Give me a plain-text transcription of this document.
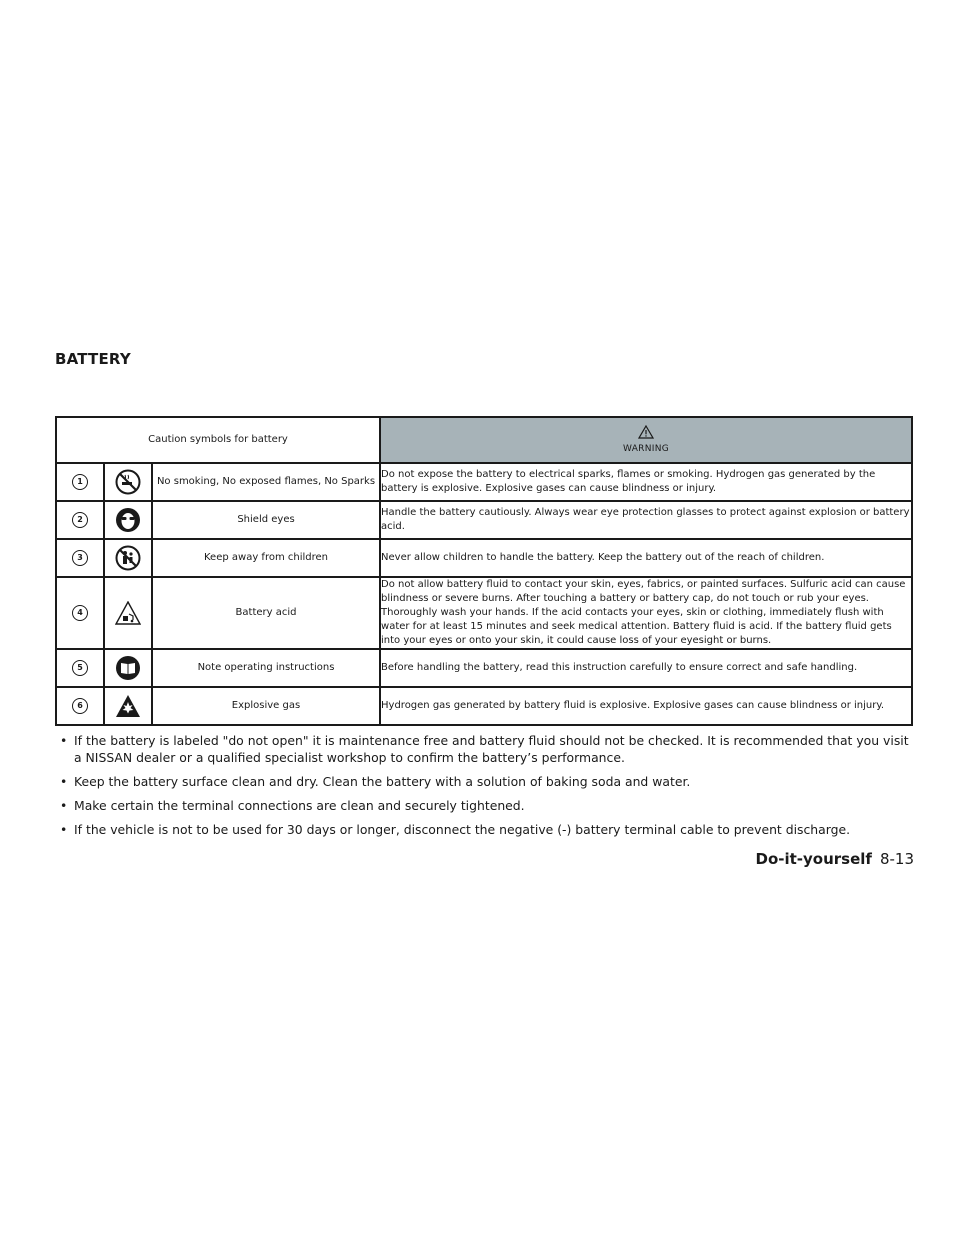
BATTERY
Caution symbols for battery			WARNING

1		No smoking, No exposed flames, No Sparks	Do not expose the battery to electrical sparks, flames or smoking. Hydrogen gas generated by the battery is explosive. Explosive gases can cause blindness or injury.
2		Shield eyes	Handle the battery cautiously. Always wear eye protection glasses to protect against explosion or battery acid.
3		Keep away from children	Never allow children to handle the battery. Keep the battery out of the reach of children.
4		Battery acid	Do not allow battery fluid to contact your skin, eyes, fabrics, or painted surfaces. Sulfuric acid can cause blindness or severe burns. After touching a battery or battery cap, do not touch or rub your eyes. Thoroughly wash your hands. If the acid contacts your eyes, skin or clothing, immediately flush with water for at least 15 minutes and seek medical attention. Battery fluid is acid. If the battery fluid gets into your eyes or onto your skin, it could cause loss of your eyesight or burns.
5		Note operating instructions	Before handling the battery, read this instruction carefully to ensure correct and safe handling.
6		Explosive gas	Hydrogen gas generated by battery fluid is explosive. Explosive gases can cause blindness or injury.
• If the battery is labeled "do not open" it is maintenance free and battery fluid should not be checked. It is recommended that you visit a NISSAN dealer or a qualified specialist workshop to confirm the battery’s performance.
• Keep the battery surface clean and dry. Clean the battery with a solution of baking soda and water.
• Make certain the terminal connections are clean and securely tightened.
• If the vehicle is not to be used for 30 days or longer, disconnect the negative (-) battery terminal cable to prevent discharge.
Do-it-yourself 8-13
